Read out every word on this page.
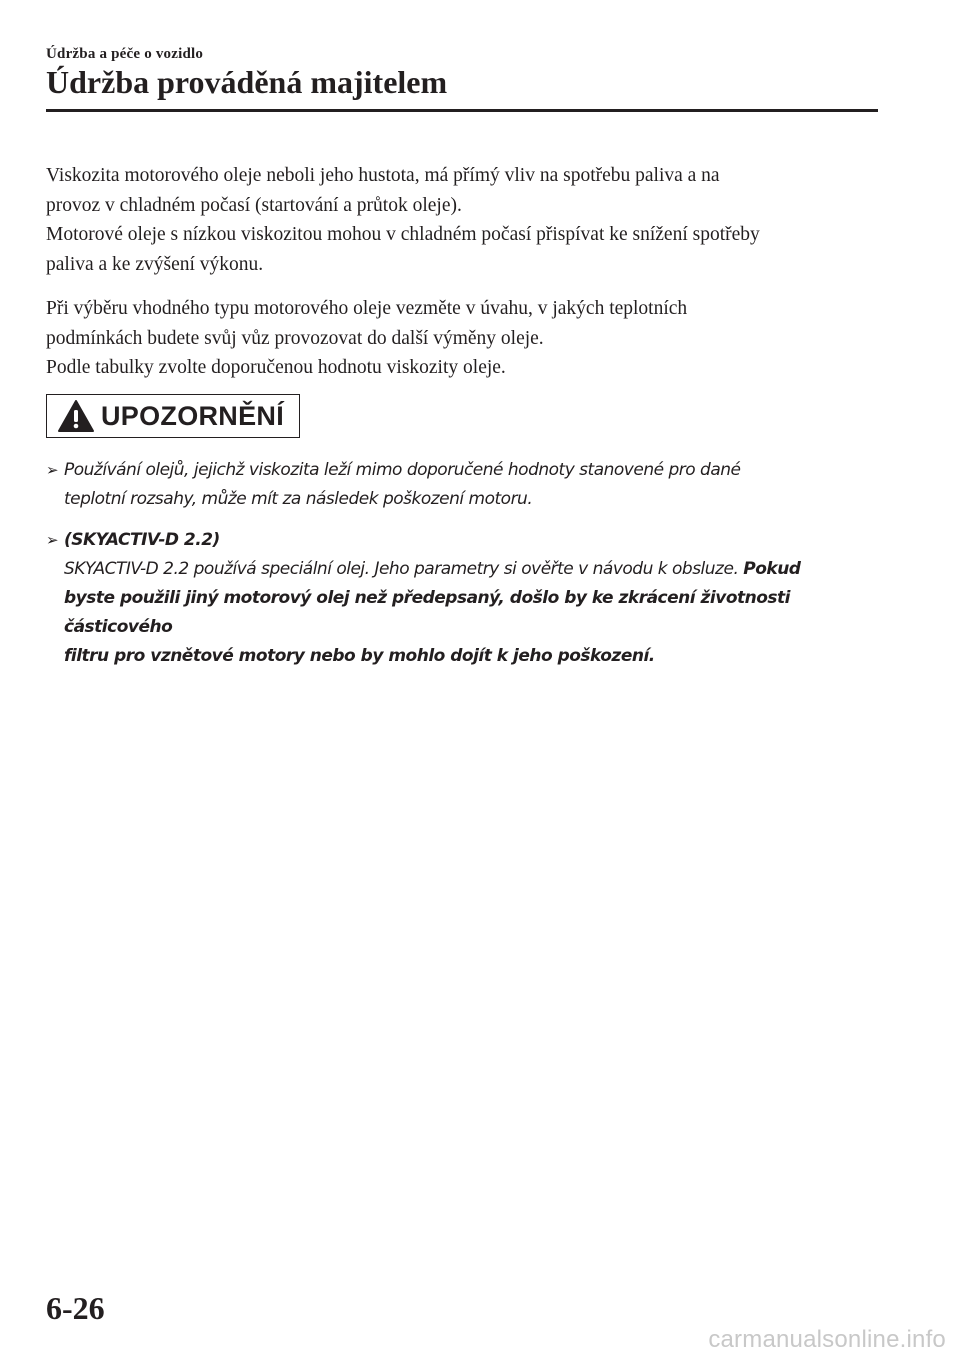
Údržba a péče o vozidlo
Údržba prováděná majitelem

Viskozita motorového oleje neboli jeho hustota, má přímý vliv na spotřebu paliva a na

provoz v chladném počasí (startování a průtok oleje).

Motorové oleje s nízkou viskozitou mohou v chladném počasí přispívat ke snížení spotřeby

paliva a ke zvýšení výkonu.

Při výběru vhodného typu motorového oleje vezměte v úvahu, v jakých teplotních

podmínkách budete svůj vůz provozovat do další výměny oleje.

Podle tabulky zvolte doporučenou hodnotu viskozity oleje.

UPOZORNĚNÍ
➢ Používání olejů, jejichž viskozita leží mimo doporučené hodnoty stanovené pro dané
teplotní rozsahy, může mít za následek poškození motoru.
➢ (SKYACTIV-D 2.2)
SKYACTIV-D 2.2 používá speciální olej. Jeho parametry si ověřte v návodu k obsluze. Pokud
byste použili jiný motorový olej než předepsaný, došlo by ke zkrácení životnosti částicového
filtru pro vznětové motory nebo by mohlo dojít k jeho poškození.
6-26
carmanualsonline.info
